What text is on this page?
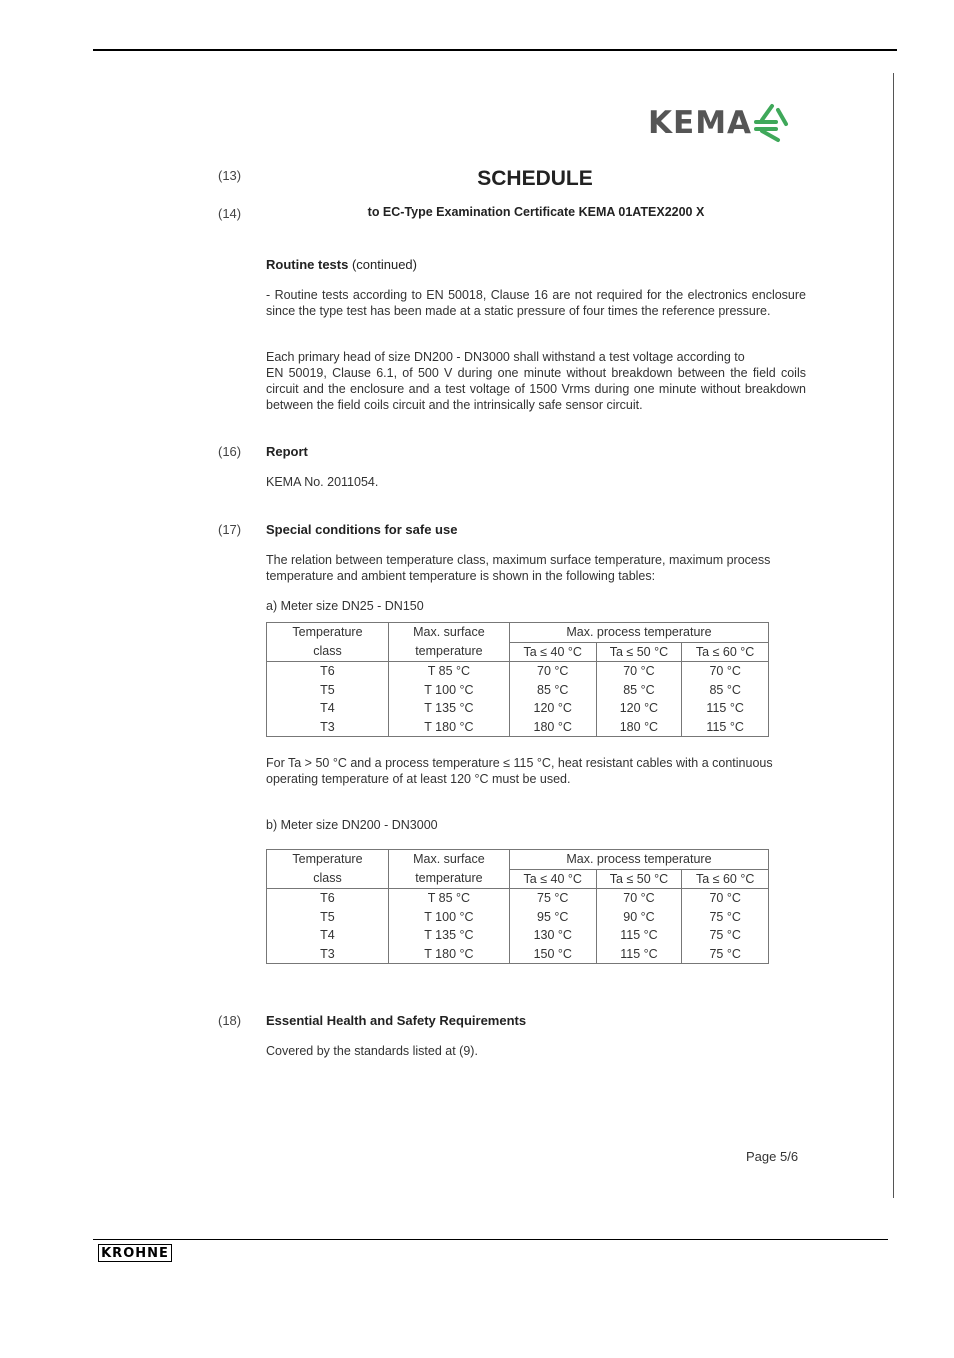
KEMA
(13)	SCHEDULE
(14)	to EC-Type Examination Certificate KEMA 01ATEX2200 X
Routine tests (continued)
- Routine tests according to EN 50018, Clause 16 are not required for the electronics enclosure since the type test has been made at a static pressure of four times the reference pressure.
Each primary head of size DN200 - DN3000 shall withstand a test voltage according to
EN 50019, Clause 6.1, of 500 V during one minute without breakdown between the field coils circuit and the enclosure and a test voltage of 1500 Vrms during one minute without breakdown between the field coils circuit and the intrinsically safe sensor circuit.
(16) Report
KEMA No. 2011054.
(17) Special conditions for safe use
The relation between temperature class, maximum surface temperature, maximum process temperature and ambient temperature is shown in the following tables:
a) Meter size DN25 - DN150
Temperature	Max. surface	Max. process temperature		
class	temperature	Ta ≤ 40 °C	Ta ≤ 50 °C	Ta ≤ 60 °C
T6	T 85 °C	70 °C	70 °C	70 °C
T5	T 100 °C	85 °C	85 °C	85 °C
T4	T 135 °C	120 °C	120 °C	115 °C
T3	T 180 °C	180 °C	180 °C	115 °C
For Ta > 50 °C and a process temperature ≤ 115 °C, heat resistant cables with a continuous operating temperature of at least 120 °C must be used.
b) Meter size DN200 - DN3000
Temperature	Max. surface	Max. process temperature		
class	temperature	Ta ≤ 40 °C	Ta ≤ 50 °C	Ta ≤ 60 °C
T6	T 85 °C	75 °C	70 °C	70 °C
T5	T 100 °C	95 °C	90 °C	75 °C
T4	T 135 °C	130 °C	115 °C	75 °C
T3	T 180 °C	150 °C	115 °C	75 °C
(18) Essential Health and Safety Requirements
Covered by the standards listed at (9).
Page 5/6
KROHNE
